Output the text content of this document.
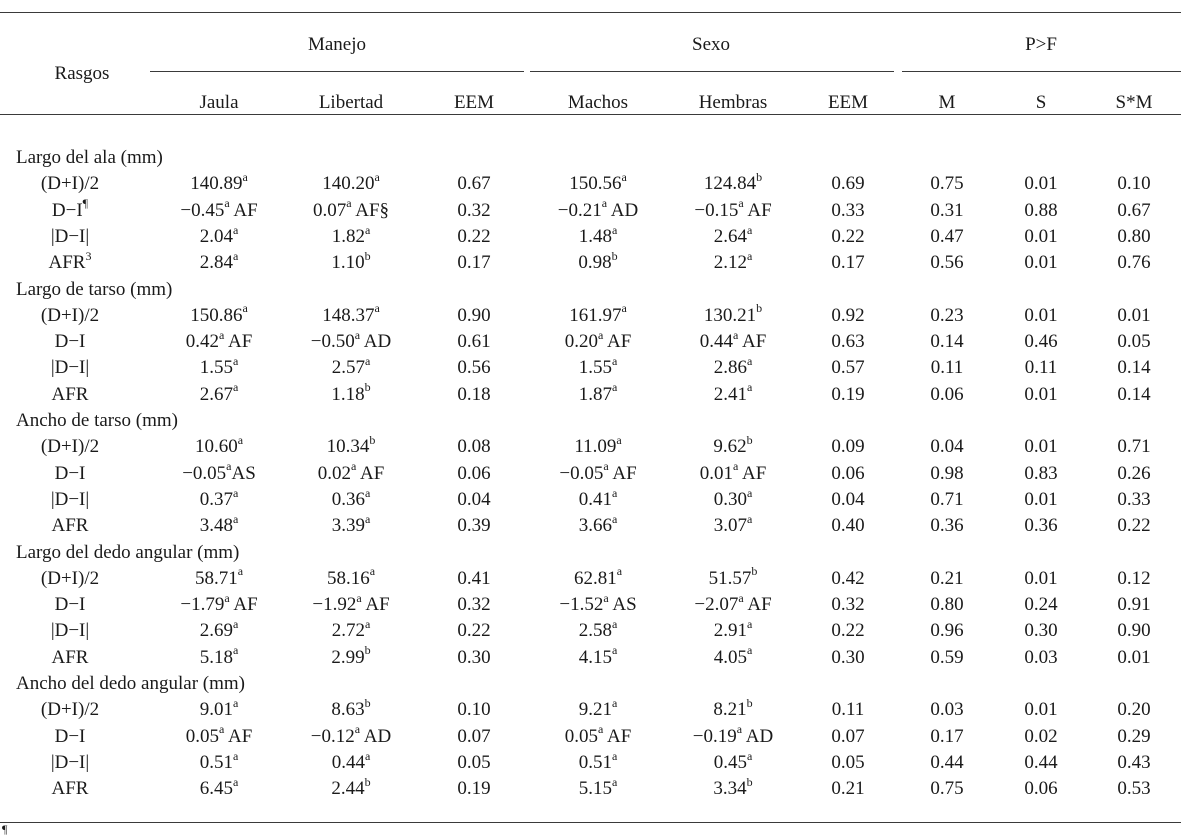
Rasgos
Manejo	Sexo	P>F
Jaula	Libertad	EEM	Machos	Hembras	EEM	M	S	S*M
Largo del ala (mm)
(D+I)/2	140.89$^a$	140.20$^a$	0.67	150.56$^a$	124.84$^b$	0.69	0.75	0.01	0.10
D−I¶	−0.45$^a$ AF	0.07$^a$ AF§	0.32	−0.21$^a$ AD	−0.15$^a$ AF	0.33	0.31	0.88	0.67
|D−I|	2.04$^a$	1.82$^a$	0.22	1.48$^a$	2.64$^a$	0.22	0.47	0.01	0.80
AFR$^3$	2.84$^a$	1.10$^b$	0.17	0.98$^b$	2.12$^a$	0.17	0.56	0.01	0.76
Largo de tarso (mm)
(D+I)/2	150.86$^a$	148.37$^a$	0.90	161.97$^a$	130.21$^b$	0.92	0.23	0.01	0.01
D−I	0.42$^a$ AF	−0.50$^a$ AD	0.61	0.20$^a$ AF	0.44$^a$ AF	0.63	0.14	0.46	0.05
|D−I|	1.55$^a$	2.57$^a$	0.56	1.55$^a$	2.86$^a$	0.57	0.11	0.11	0.14
AFR	2.67$^a$	1.18$^b$	0.18	1.87$^a$	2.41$^a$	0.19	0.06	0.01	0.14
Ancho de tarso (mm)
(D+I)/2	10.60$^a$	10.34$^b$	0.08	11.09$^a$	9.62$^b$	0.09	0.04	0.01	0.71
D−I	−0.05$^a$AS	0.02$^a$ AF	0.06	−0.05$^a$ AF	0.01$^a$ AF	0.06	0.98	0.83	0.26
|D−I|	0.37$^a$	0.36$^a$	0.04	0.41$^a$	0.30$^a$	0.04	0.71	0.01	0.33
AFR	3.48$^a$	3.39$^a$	0.39	3.66$^a$	3.07$^a$	0.40	0.36	0.36	0.22
Largo del dedo angular (mm)
(D+I)/2	58.71$^a$	58.16$^a$	0.41	62.81$^a$	51.57$^b$	0.42	0.21	0.01	0.12
D−I	−1.79$^a$ AF	−1.92$^a$ AF	0.32	−1.52$^a$ AS	−2.07$^a$ AF	0.32	0.80	0.24	0.91
|D−I|	2.69$^a$	2.72$^a$	0.22	2.58$^a$	2.91$^a$	0.22	0.96	0.30	0.90
AFR	5.18$^a$	2.99$^b$	0.30	4.15$^a$	4.05$^a$	0.30	0.59	0.03	0.01
Ancho del dedo angular (mm)
(D+I)/2	9.01$^a$	8.63$^b$	0.10	9.21$^a$	8.21$^b$	0.11	0.03	0.01	0.20
D−I	0.05$^a$ AF	−0.12$^a$ AD	0.07	0.05$^a$ AF	−0.19$^a$ AD	0.07	0.17	0.02	0.29
|D−I|	0.51$^a$	0.44$^a$	0.05	0.51$^a$	0.45$^a$	0.05	0.44	0.44	0.43
AFR	6.45$^a$	2.44$^b$	0.19	5.15$^a$	3.34$^b$	0.21	0.75	0.06	0.53
¶
